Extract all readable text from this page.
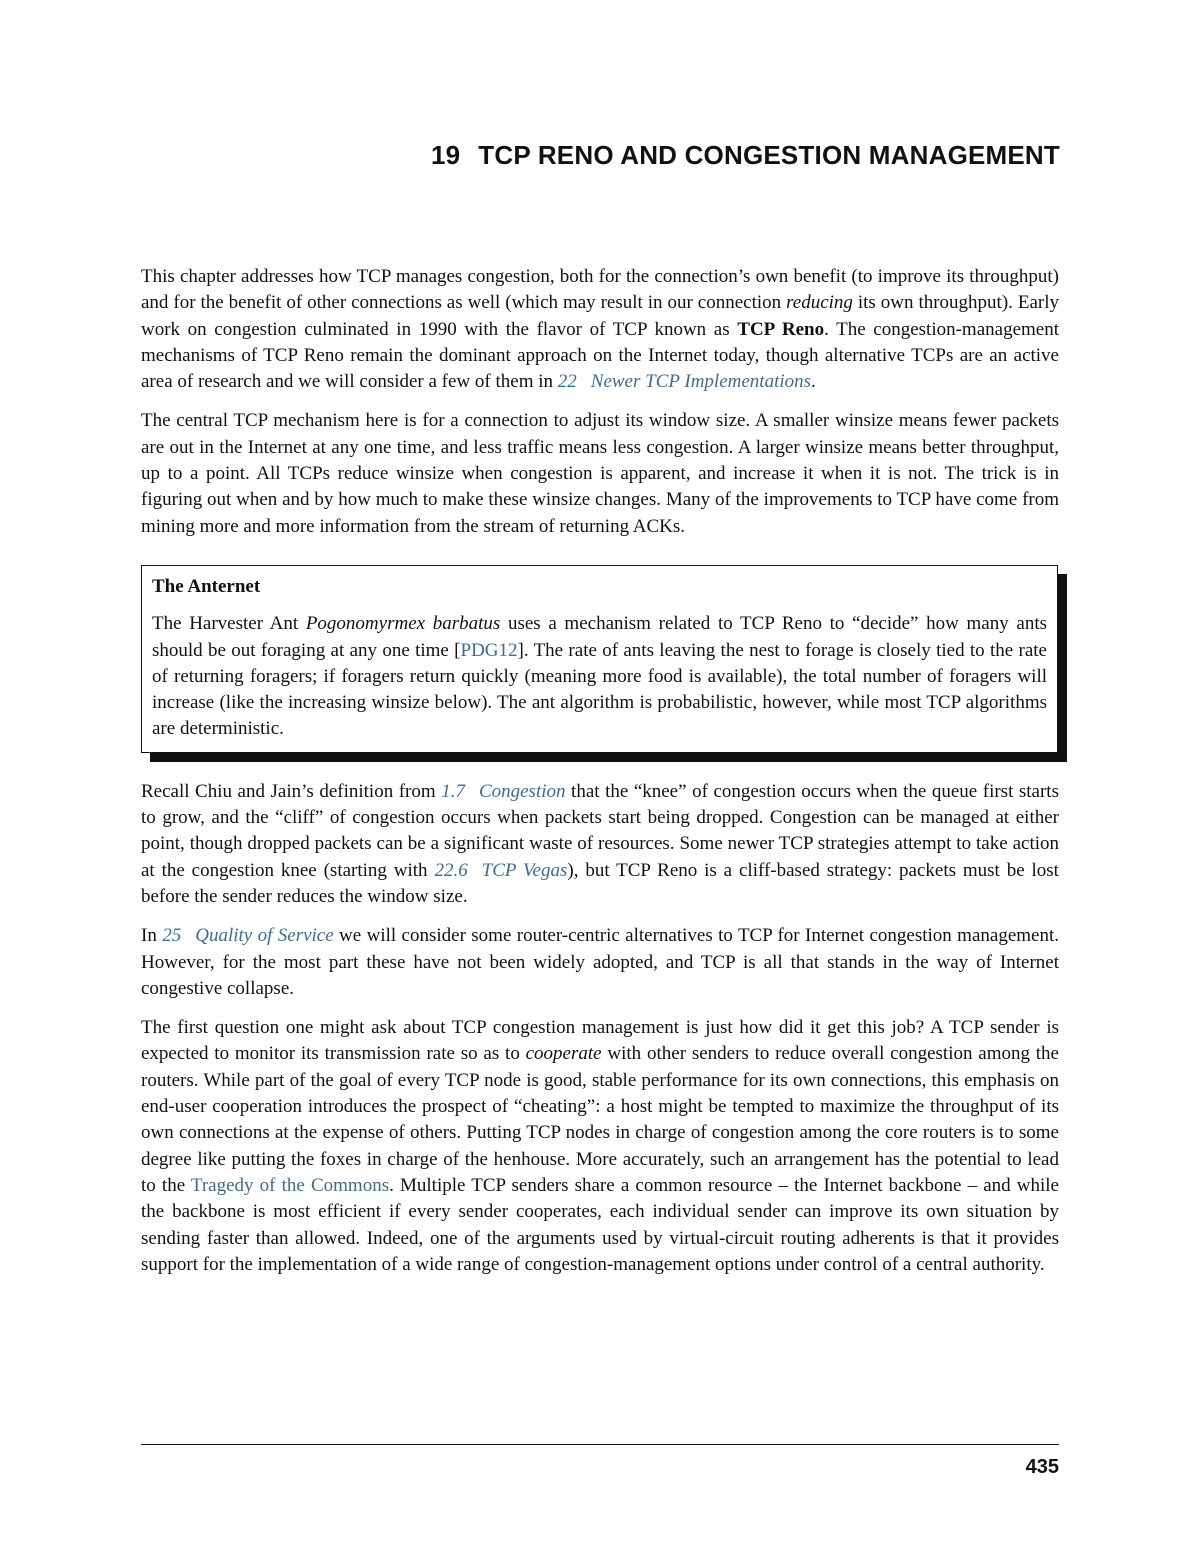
19 TCP RENO AND CONGESTION MANAGEMENT

This chapter addresses how TCP manages congestion, both for the connection’s own benefit (to improve its throughput) and for the benefit of other connections as well (which may result in our connection reducing its own throughput). Early work on congestion culminated in 1990 with the flavor of TCP known as TCP Reno. The congestion-management mechanisms of TCP Reno remain the dominant approach on the Internet today, though alternative TCPs are an active area of research and we will consider a few of them in 22 Newer TCP Implementations.

The central TCP mechanism here is for a connection to adjust its window size. A smaller winsize means fewer packets are out in the Internet at any one time, and less traffic means less congestion. A larger winsize means better throughput, up to a point. All TCPs reduce winsize when congestion is apparent, and increase it when it is not. The trick is in figuring out when and by how much to make these winsize changes. Many of the improvements to TCP have come from mining more and more information from the stream of returning ACKs.

The Anternet

The Harvester Ant Pogonomyrmex barbatus uses a mechanism related to TCP Reno to “decide” how many ants should be out foraging at any one time [PDG12]. The rate of ants leaving the nest to forage is closely tied to the rate of returning foragers; if foragers return quickly (meaning more food is available), the total number of foragers will increase (like the increasing winsize below). The ant algorithm is probabilistic, however, while most TCP algorithms are deterministic.

Recall Chiu and Jain’s definition from 1.7 Congestion that the “knee” of congestion occurs when the queue first starts to grow, and the “cliff” of congestion occurs when packets start being dropped. Congestion can be managed at either point, though dropped packets can be a significant waste of resources. Some newer TCP strategies attempt to take action at the congestion knee (starting with 22.6 TCP Vegas), but TCP Reno is a cliff-based strategy: packets must be lost before the sender reduces the window size.

In 25 Quality of Service we will consider some router-centric alternatives to TCP for Internet congestion management. However, for the most part these have not been widely adopted, and TCP is all that stands in the way of Internet congestive collapse.

The first question one might ask about TCP congestion management is just how did it get this job? A TCP sender is expected to monitor its transmission rate so as to cooperate with other senders to reduce overall congestion among the routers. While part of the goal of every TCP node is good, stable performance for its own connections, this emphasis on end-user cooperation introduces the prospect of “cheating”: a host might be tempted to maximize the throughput of its own connections at the expense of others. Putting TCP nodes in charge of congestion among the core routers is to some degree like putting the foxes in charge of the henhouse. More accurately, such an arrangement has the potential to lead to the Tragedy of the Commons. Multiple TCP senders share a common resource – the Internet backbone – and while the backbone is most efficient if every sender cooperates, each individual sender can improve its own situation by sending faster than allowed. Indeed, one of the arguments used by virtual-circuit routing adherents is that it provides support for the implementation of a wide range of congestion-management options under control of a central authority.

435
